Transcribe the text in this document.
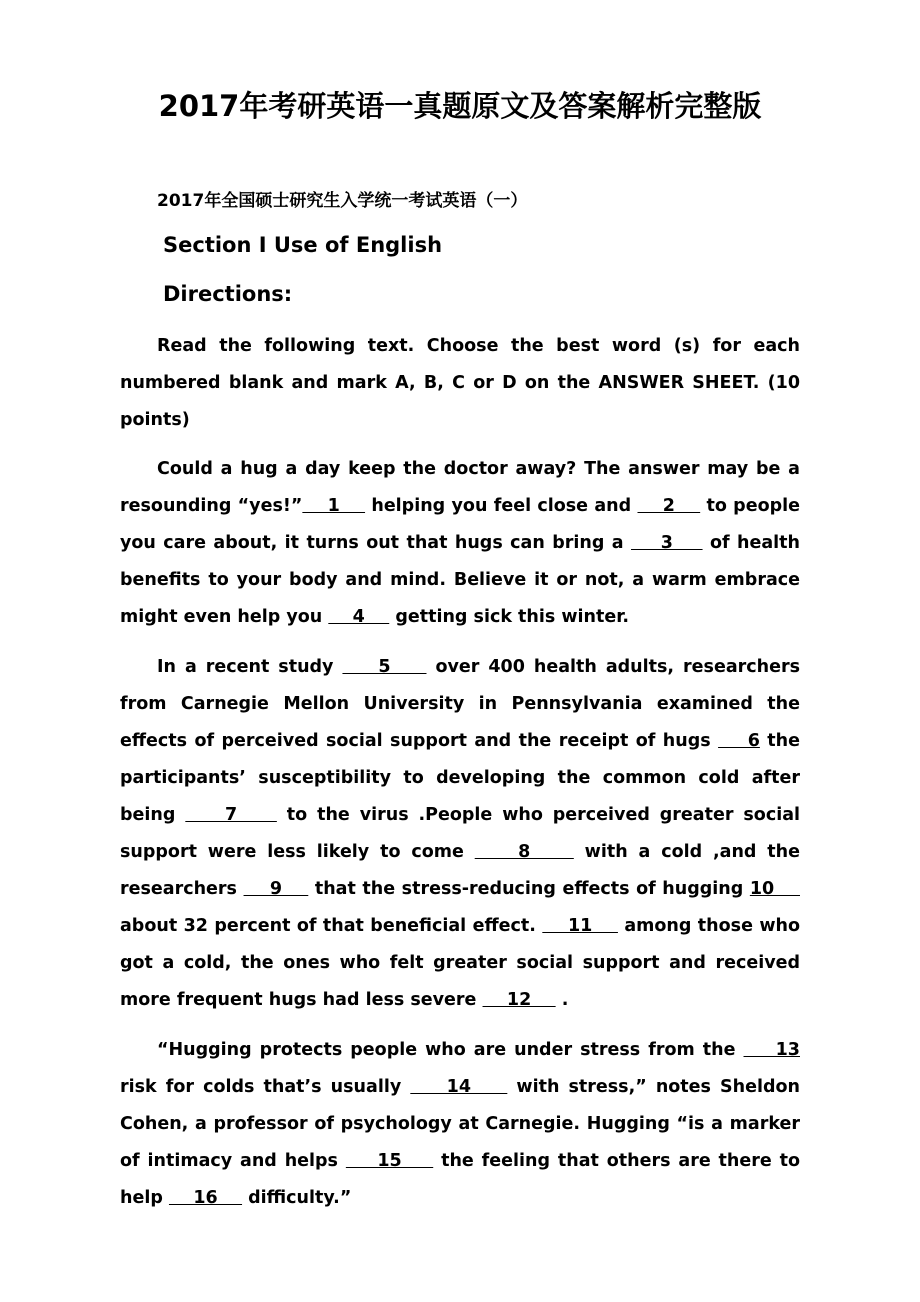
2017年考研英语一真题原文及答案解析完整版
2017年全国硕士研究生入学统一考试英语（一）
Section I Use of English
Directions:

Read the following text. Choose the best word (s) for each numbered blank and mark A, B, C or D on the ANSWER SHEET. (10 points)

Could a hug a day keep the doctor away? The answer may be a resounding “yes!”    1     helping you feel close and     2     to people you care about, it turns out that hugs can bring a     3     of health benefits to your body and mind. Believe it or not, a warm embrace might even help you     4     getting sick this winter.

In a recent study     5     over 400 health adults, researchers from Carnegie Mellon University in Pennsylvania examined the effects of perceived social support and the receipt of hugs     6 the participants’ susceptibility to developing the common cold after being     7     to the virus .People who perceived greater social support were less likely to come     8     with a cold ,and the researchers     9     that the stress-reducing effects of hugging 10     about 32 percent of that beneficial effect.     11     among those who got a cold, the ones who felt greater social support and received more frequent hugs had less severe     12     .

“Hugging protects people who are under stress from the     13 risk for colds that’s usually     14     with stress,” notes Sheldon Cohen, a professor of psychology at Carnegie. Hugging “is a marker of intimacy and helps     15     the feeling that others are there to help     16     difficulty.”
